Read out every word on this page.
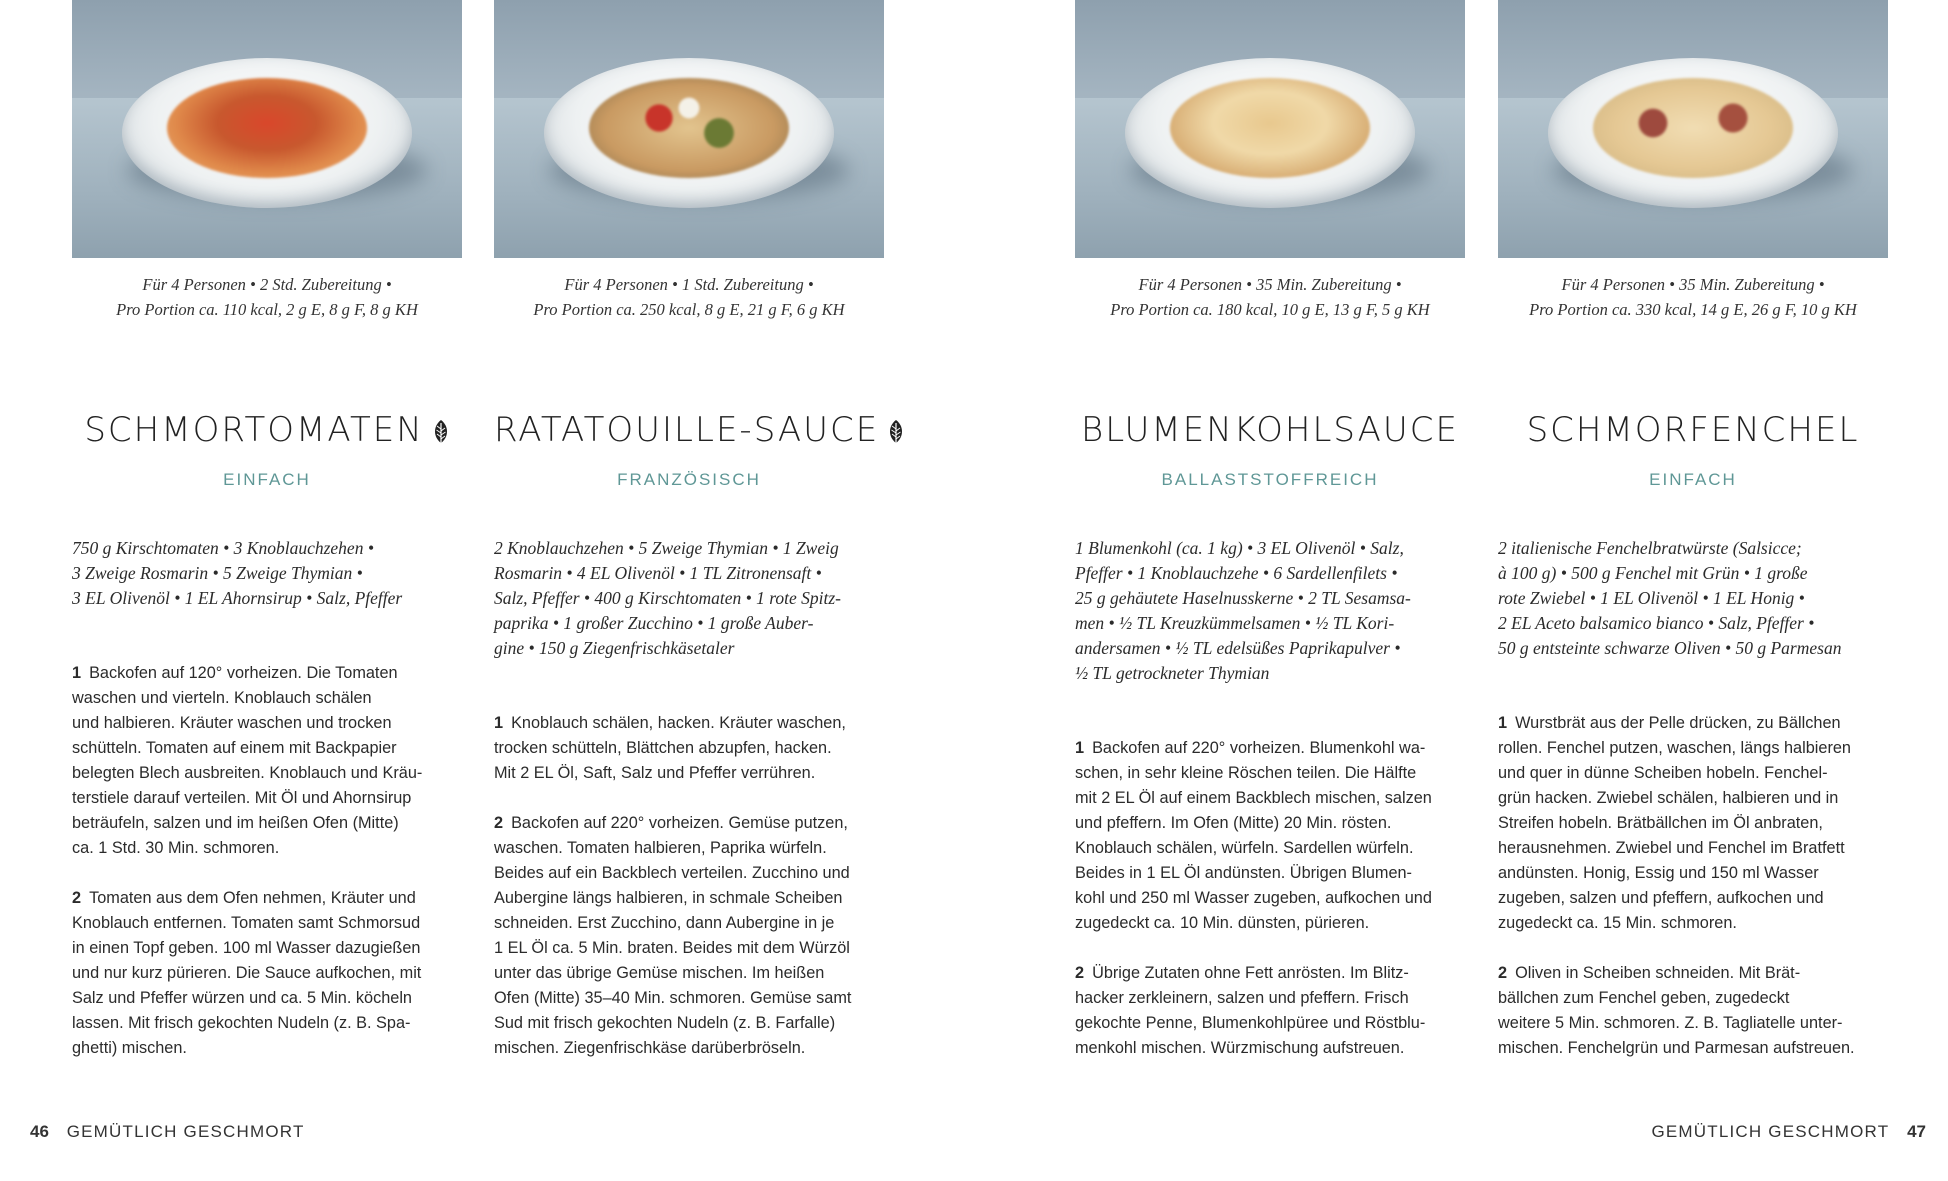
Für 4 Personen • 2 Std. Zubereitung •
Pro Portion ca. 110 kcal, 2 g E, 8 g F, 8 g KH
SCHMORTOMATEN
EINFACH
750 g Kirschtomaten • 3 Knoblauchzehen •
3 Zweige Rosmarin • 5 Zweige Thymian •
3 EL Olivenöl • 1 EL Ahornsirup • Salz, Pfeffer
1 Backofen auf 120° vorheizen. Die Tomaten
waschen und vierteln. Knoblauch schälen
und halbieren. Kräuter waschen und trocken
schütteln. Tomaten auf einem mit Backpapier
belegten Blech ausbreiten. Knoblauch und Kräu-
terstiele darauf verteilen. Mit Öl und Ahornsirup
beträufeln, salzen und im heißen Ofen (Mitte)
ca. 1 Std. 30 Min. schmoren.
2 Tomaten aus dem Ofen nehmen, Kräuter und
Knoblauch entfernen. Tomaten samt Schmorsud
in einen Topf geben. 100 ml Wasser dazugießen
und nur kurz pürieren. Die Sauce aufkochen, mit
Salz und Pfeffer würzen und ca. 5 Min. köcheln
lassen. Mit frisch gekochten Nudeln (z. B. Spa-
ghetti) mischen.
Für 4 Personen • 1 Std. Zubereitung •
Pro Portion ca. 250 kcal, 8 g E, 21 g F, 6 g KH
RATATOUILLE-SAUCE
FRANZÖSISCH
2 Knoblauchzehen • 5 Zweige Thymian • 1 Zweig
Rosmarin • 4 EL Olivenöl • 1 TL Zitronensaft •
Salz, Pfeffer • 400 g Kirschtomaten • 1 rote Spitz-
paprika • 1 großer Zucchino • 1 große Auber-
gine • 150 g Ziegenfrischkäsetaler
1 Knoblauch schälen, hacken. Kräuter waschen,
trocken schütteln, Blättchen abzupfen, hacken.
Mit 2 EL Öl, Saft, Salz und Pfeffer verrühren.
2 Backofen auf 220° vorheizen. Gemüse putzen,
waschen. Tomaten halbieren, Paprika würfeln.
Beides auf ein Backblech verteilen. Zucchino und
Aubergine längs halbieren, in schmale Scheiben
schneiden. Erst Zucchino, dann Aubergine in je
1 EL Öl ca. 5 Min. braten. Beides mit dem Würzöl
unter das übrige Gemüse mischen. Im heißen
Ofen (Mitte) 35–40 Min. schmoren. Gemüse samt
Sud mit frisch gekochten Nudeln (z. B. Farfalle)
mischen. Ziegenfrischkäse darüberbröseln.
Für 4 Personen • 35 Min. Zubereitung •
Pro Portion ca. 180 kcal, 10 g E, 13 g F, 5 g KH
BLUMENKOHLSAUCE
BALLASTSTOFFREICH
1 Blumenkohl (ca. 1 kg) • 3 EL Olivenöl • Salz,
Pfeffer • 1 Knoblauchzehe • 6 Sardellenfilets •
25 g gehäutete Haselnusskerne • 2 TL Sesamsa-
men • ½ TL Kreuzkümmelsamen • ½ TL Kori-
andersamen • ½ TL edelsüßes Paprikapulver •
½ TL getrockneter Thymian
1 Backofen auf 220° vorheizen. Blumenkohl wa-
schen, in sehr kleine Röschen teilen. Die Hälfte
mit 2 EL Öl auf einem Backblech mischen, salzen
und pfeffern. Im Ofen (Mitte) 20 Min. rösten.
Knoblauch schälen, würfeln. Sardellen würfeln.
Beides in 1 EL Öl andünsten. Übrigen Blumen-
kohl und 250 ml Wasser zugeben, aufkochen und
zugedeckt ca. 10 Min. dünsten, pürieren.
2 Übrige Zutaten ohne Fett anrösten. Im Blitz-
hacker zerkleinern, salzen und pfeffern. Frisch
gekochte Penne, Blumenkohlpüree und Röstblu-
menkohl mischen. Würzmischung aufstreuen.
Für 4 Personen • 35 Min. Zubereitung •
Pro Portion ca. 330 kcal, 14 g E, 26 g F, 10 g KH
SCHMORFENCHEL
EINFACH
2 italienische Fenchelbratwürste (Salsicce;
à 100 g) • 500 g Fenchel mit Grün • 1 große
rote Zwiebel • 1 EL Olivenöl • 1 EL Honig •
2 EL Aceto balsamico bianco • Salz, Pfeffer •
50 g entsteinte schwarze Oliven • 50 g Parmesan
1 Wurstbrät aus der Pelle drücken, zu Bällchen
rollen. Fenchel putzen, waschen, längs halbieren
und quer in dünne Scheiben hobeln. Fenchel-
grün hacken. Zwiebel schälen, halbieren und in
Streifen hobeln. Brätbällchen im Öl anbraten,
herausnehmen. Zwiebel und Fenchel im Bratfett
andünsten. Honig, Essig und 150 ml Wasser
zugeben, salzen und pfeffern, aufkochen und
zugedeckt ca. 15 Min. schmoren.
2 Oliven in Scheiben schneiden. Mit Brät-
bällchen zum Fenchel geben, zugedeckt
weitere 5 Min. schmoren. Z. B. Tagliatelle unter-
mischen. Fenchelgrün und Parmesan aufstreuen.
46 GEMÜTLICH GESCHMORT	GEMÜTLICH GESCHMORT 47
